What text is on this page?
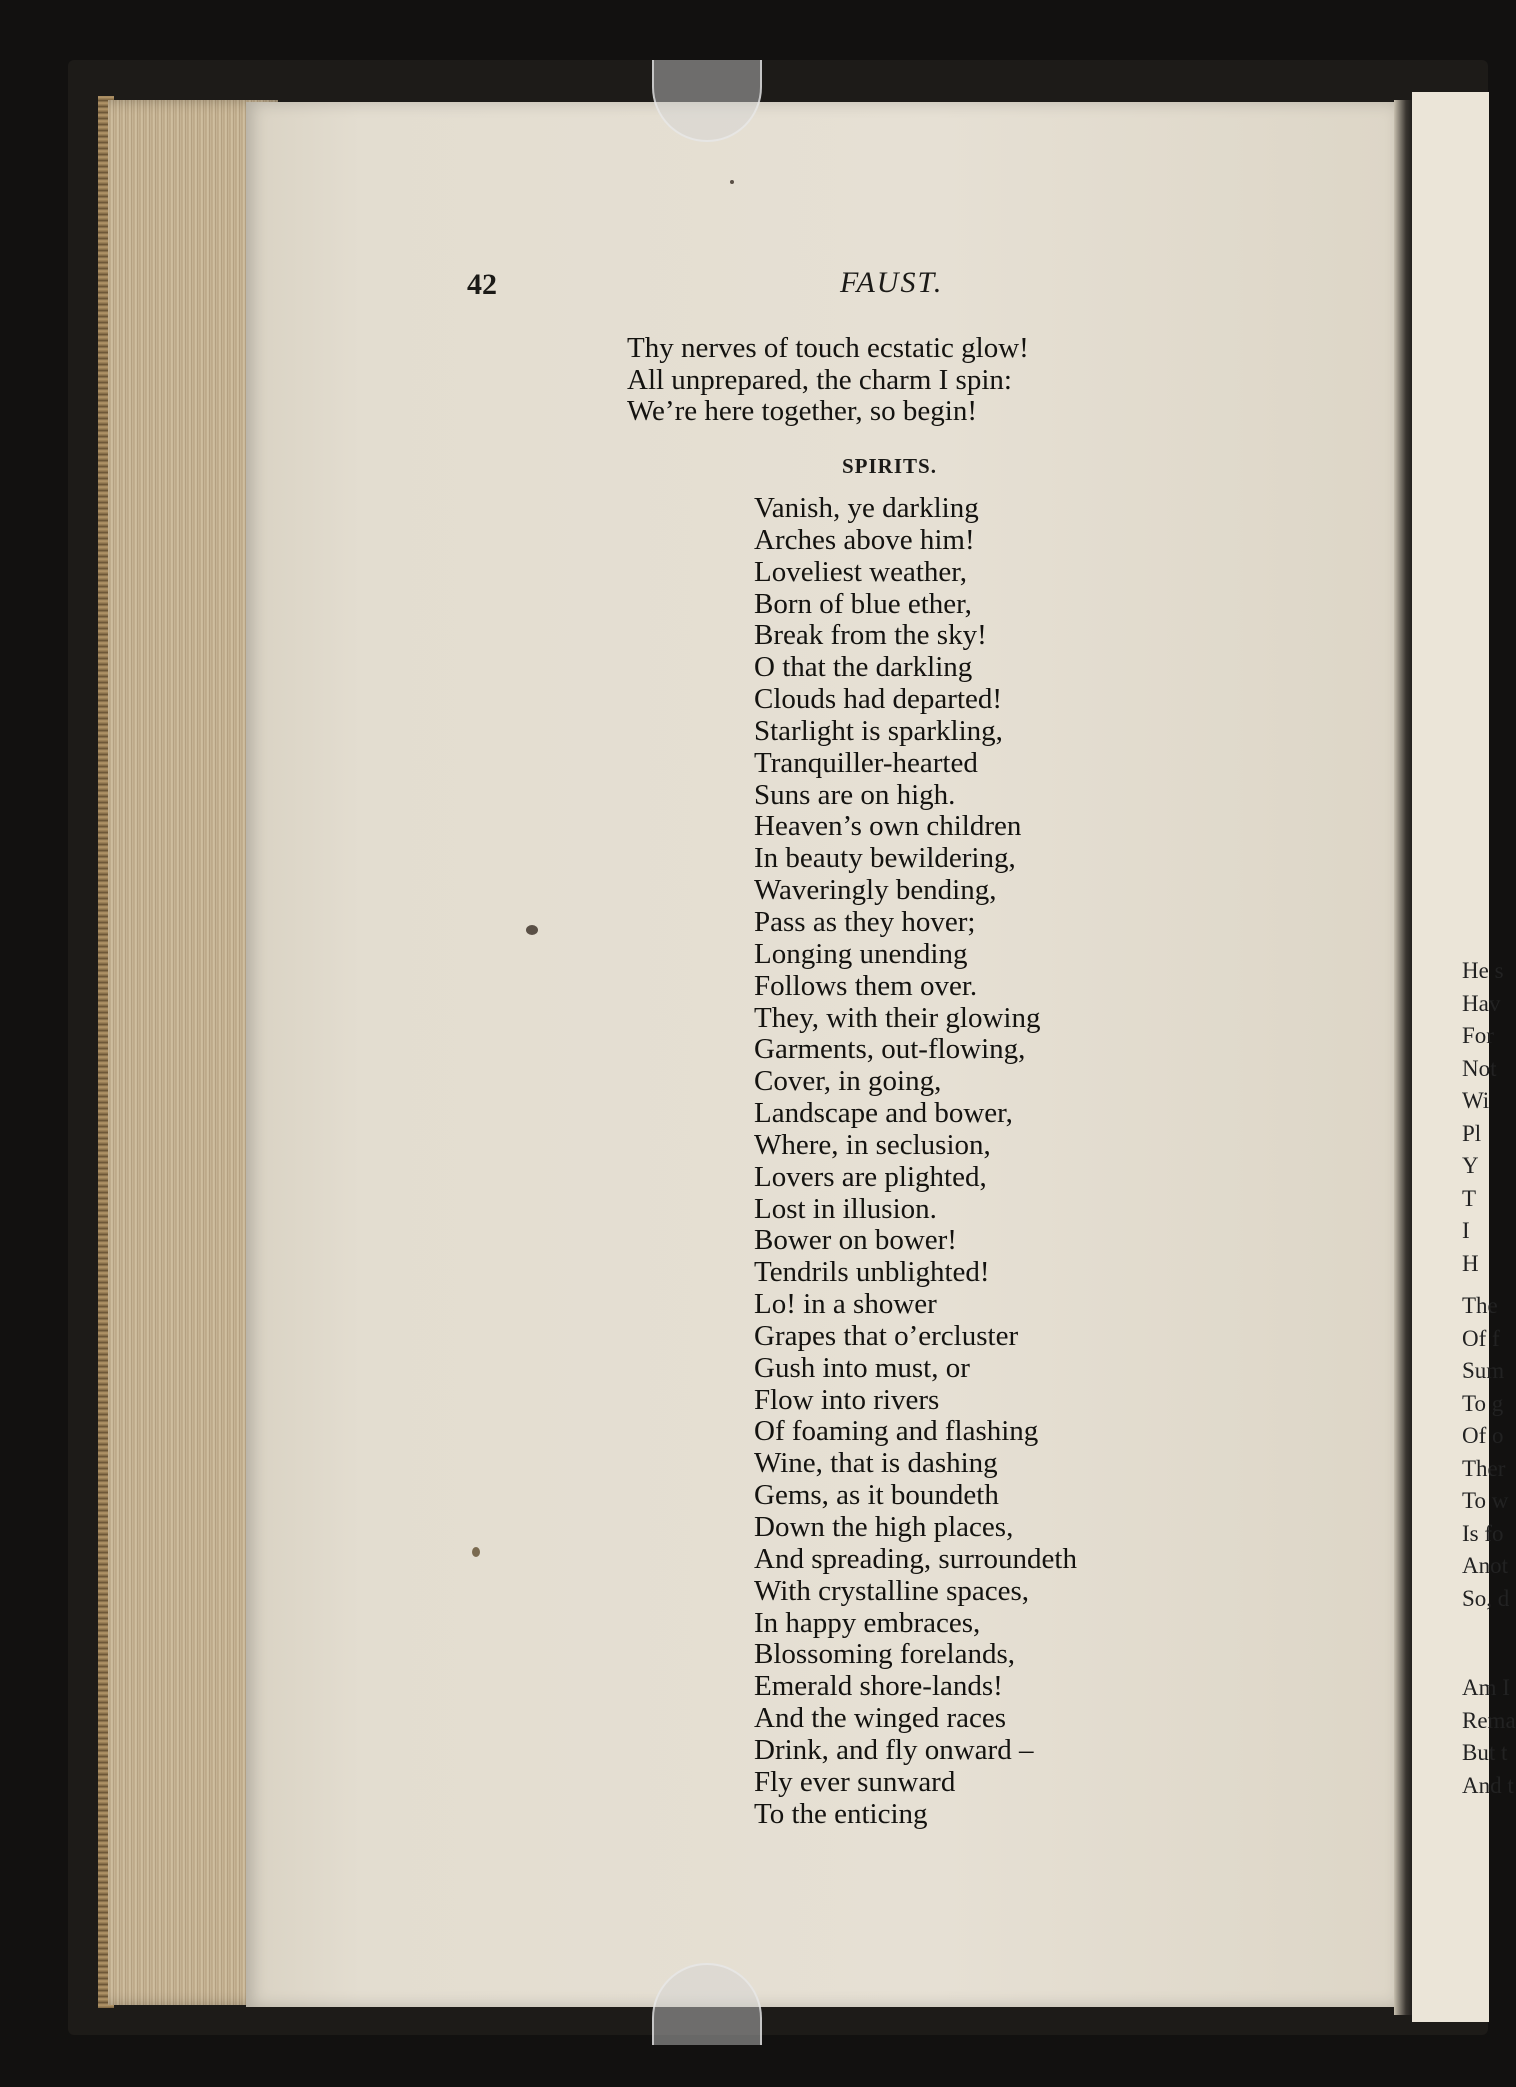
He s
Hav
For
Not
Wi
Pl
Y
T
I
H
The
Of f
Sum
To g
Of o
Ther
To w
Is fo
Anot
So, d
Am I
Rema
But t
And t
42	FAUST.
Thy nerves of touch ecstatic glow!
All unprepared, the charm I spin:
We’re here together, so begin!
SPIRITS.
Vanish, ye darkling
Arches above him!
Loveliest weather,
Born of blue ether,
Break from the sky!
O that the darkling
Clouds had departed!
Starlight is sparkling,
Tranquiller-hearted
Suns are on high.
Heaven’s own children
In beauty bewildering,
Waveringly bending,
Pass as they hover;
Longing unending
Follows them over.
They, with their glowing
Garments, out-flowing,
Cover, in going,
Landscape and bower,
Where, in seclusion,
Lovers are plighted,
Lost in illusion.
Bower on bower!
Tendrils unblighted!
Lo! in a shower
Grapes that o’ercluster
Gush into must, or
Flow into rivers
Of foaming and flashing
Wine, that is dashing
Gems, as it boundeth
Down the high places,
And spreading, surroundeth
With crystalline spaces,
In happy embraces,
Blossoming forelands,
Emerald shore-lands!
And the winged races
Drink, and fly onward –
Fly ever sunward
To the enticing
